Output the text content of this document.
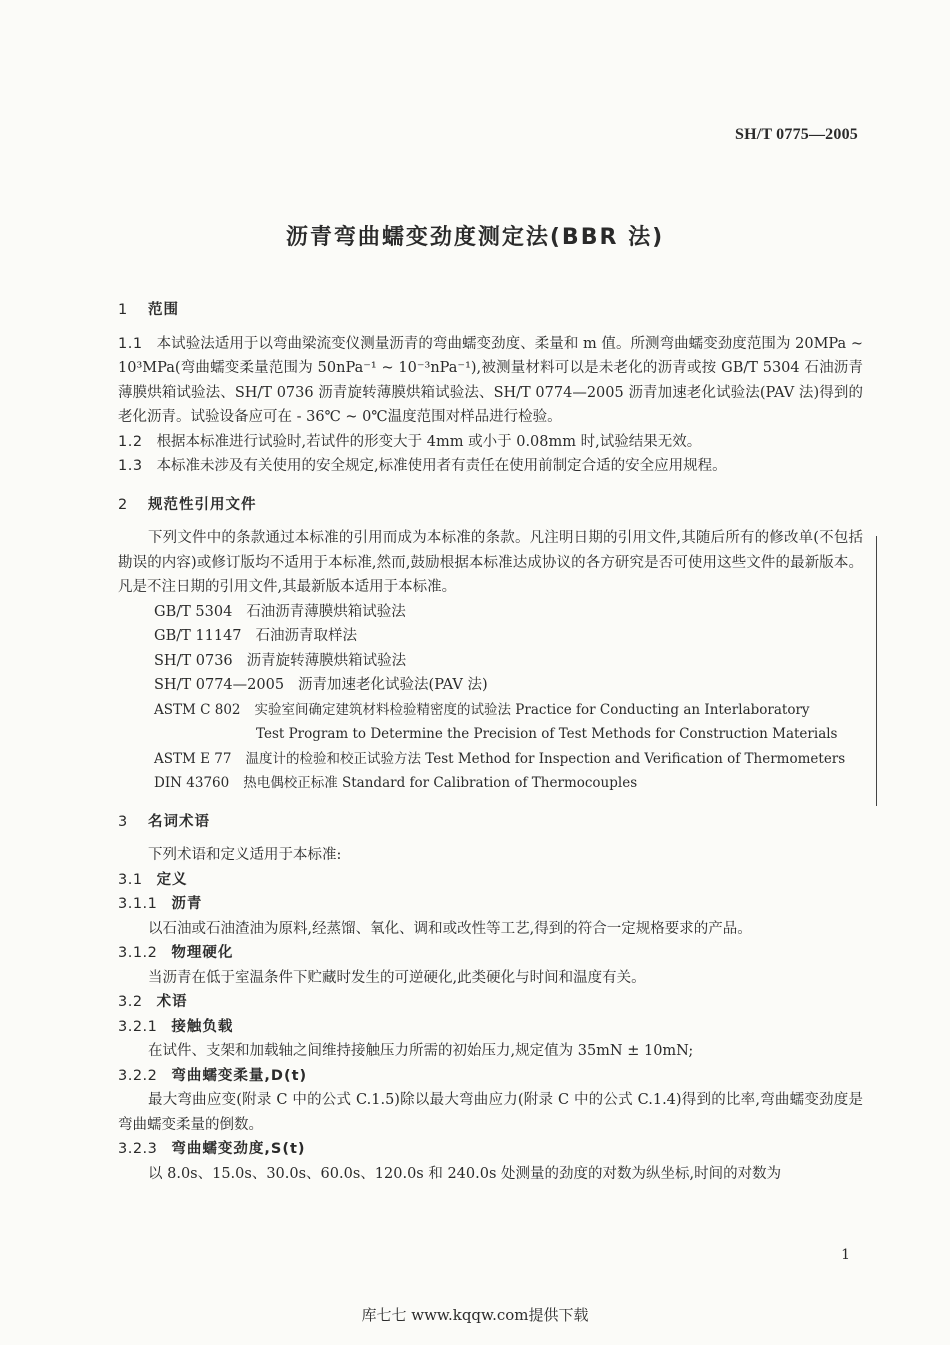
SH/T 0775—2005
沥青弯曲蠕变劲度测定法(BBR 法)
1 范围
1.1 本试验法适用于以弯曲梁流变仪测量沥青的弯曲蠕变劲度、柔量和 m 值。所测弯曲蠕变劲度范围为 20MPa ~ 10³MPa(弯曲蠕变柔量范围为 50nPa⁻¹ ~ 10⁻³nPa⁻¹),被测量材料可以是未老化的沥青或按 GB/T 5304 石油沥青薄膜烘箱试验法、SH/T 0736 沥青旋转薄膜烘箱试验法、SH/T 0774—2005 沥青加速老化试验法(PAV 法)得到的老化沥青。试验设备应可在 - 36℃ ~ 0℃温度范围对样品进行检验。
1.2 根据本标准进行试验时,若试件的形变大于 4mm 或小于 0.08mm 时,试验结果无效。
1.3 本标准未涉及有关使用的安全规定,标准使用者有责任在使用前制定合适的安全应用规程。
2 规范性引用文件
下列文件中的条款通过本标准的引用而成为本标准的条款。凡注明日期的引用文件,其随后所有的修改单(不包括勘误的内容)或修订版均不适用于本标准,然而,鼓励根据本标准达成协议的各方研究是否可使用这些文件的最新版本。凡是不注日期的引用文件,其最新版本适用于本标准。
GB/T 5304 石油沥青薄膜烘箱试验法
GB/T 11147 石油沥青取样法
SH/T 0736 沥青旋转薄膜烘箱试验法
SH/T 0774—2005 沥青加速老化试验法(PAV 法)
ASTM C 802 实验室间确定建筑材料检验精密度的试验法 Practice for Conducting an Interlaboratory
Test Program to Determine the Precision of Test Methods for Construction Materials
ASTM E 77 温度计的检验和校正试验方法 Test Method for Inspection and Verification of Thermometers
DIN 43760 热电偶校正标准 Standard for Calibration of Thermocouples
3 名词术语
下列术语和定义适用于本标准:
3.1 定义
3.1.1 沥青
以石油或石油渣油为原料,经蒸馏、氧化、调和或改性等工艺,得到的符合一定规格要求的产品。
3.1.2 物理硬化
当沥青在低于室温条件下贮藏时发生的可逆硬化,此类硬化与时间和温度有关。
3.2 术语
3.2.1 接触负载
在试件、支架和加载轴之间维持接触压力所需的初始压力,规定值为 35mN ± 10mN;
3.2.2 弯曲蠕变柔量,D(t)
最大弯曲应变(附录 C 中的公式 C.1.5)除以最大弯曲应力(附录 C 中的公式 C.1.4)得到的比率,弯曲蠕变劲度是弯曲蠕变柔量的倒数。
3.2.3 弯曲蠕变劲度,S(t)
以 8.0s、15.0s、30.0s、60.0s、120.0s 和 240.0s 处测量的劲度的对数为纵坐标,时间的对数为
1
库七七 www.kqqw.com提供下载
